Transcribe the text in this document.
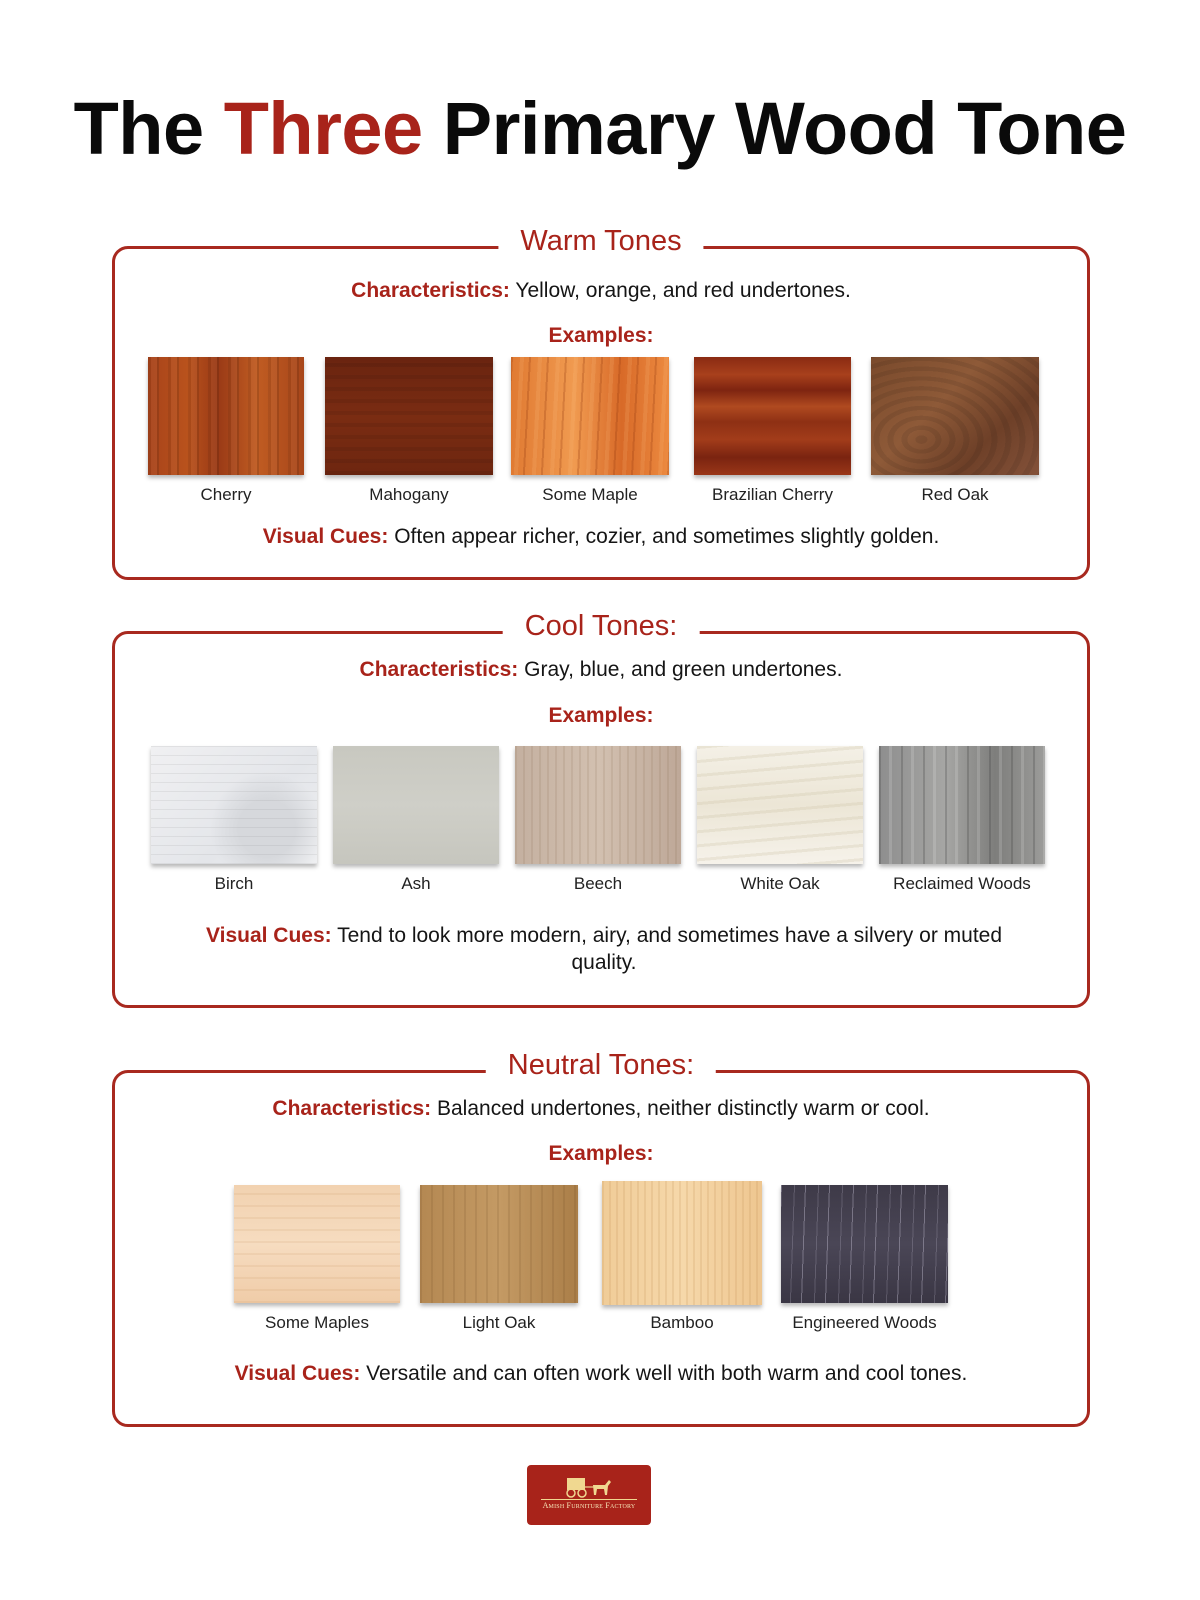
The Three Primary Wood Tone
Warm Tones
Characteristics: Yellow, orange, and red undertones.
Examples:
Cherry	Mahogany	Some Maple	Brazilian Cherry	Red Oak
Visual Cues: Often appear richer, cozier, and sometimes slightly golden.
Cool Tones:
Characteristics: Gray, blue, and green undertones.
Examples:
Birch	Ash	Beech	White Oak	Reclaimed Woods
Visual Cues: Tend to look more modern, airy, and sometimes have a silvery or muted quality.
Neutral Tones:
Characteristics: Balanced undertones, neither distinctly warm or cool.
Examples:
Some Maples	Light Oak	Bamboo	Engineered Woods
Visual Cues: Versatile and can often work well with both warm and cool tones.
Amish Furniture Factory
